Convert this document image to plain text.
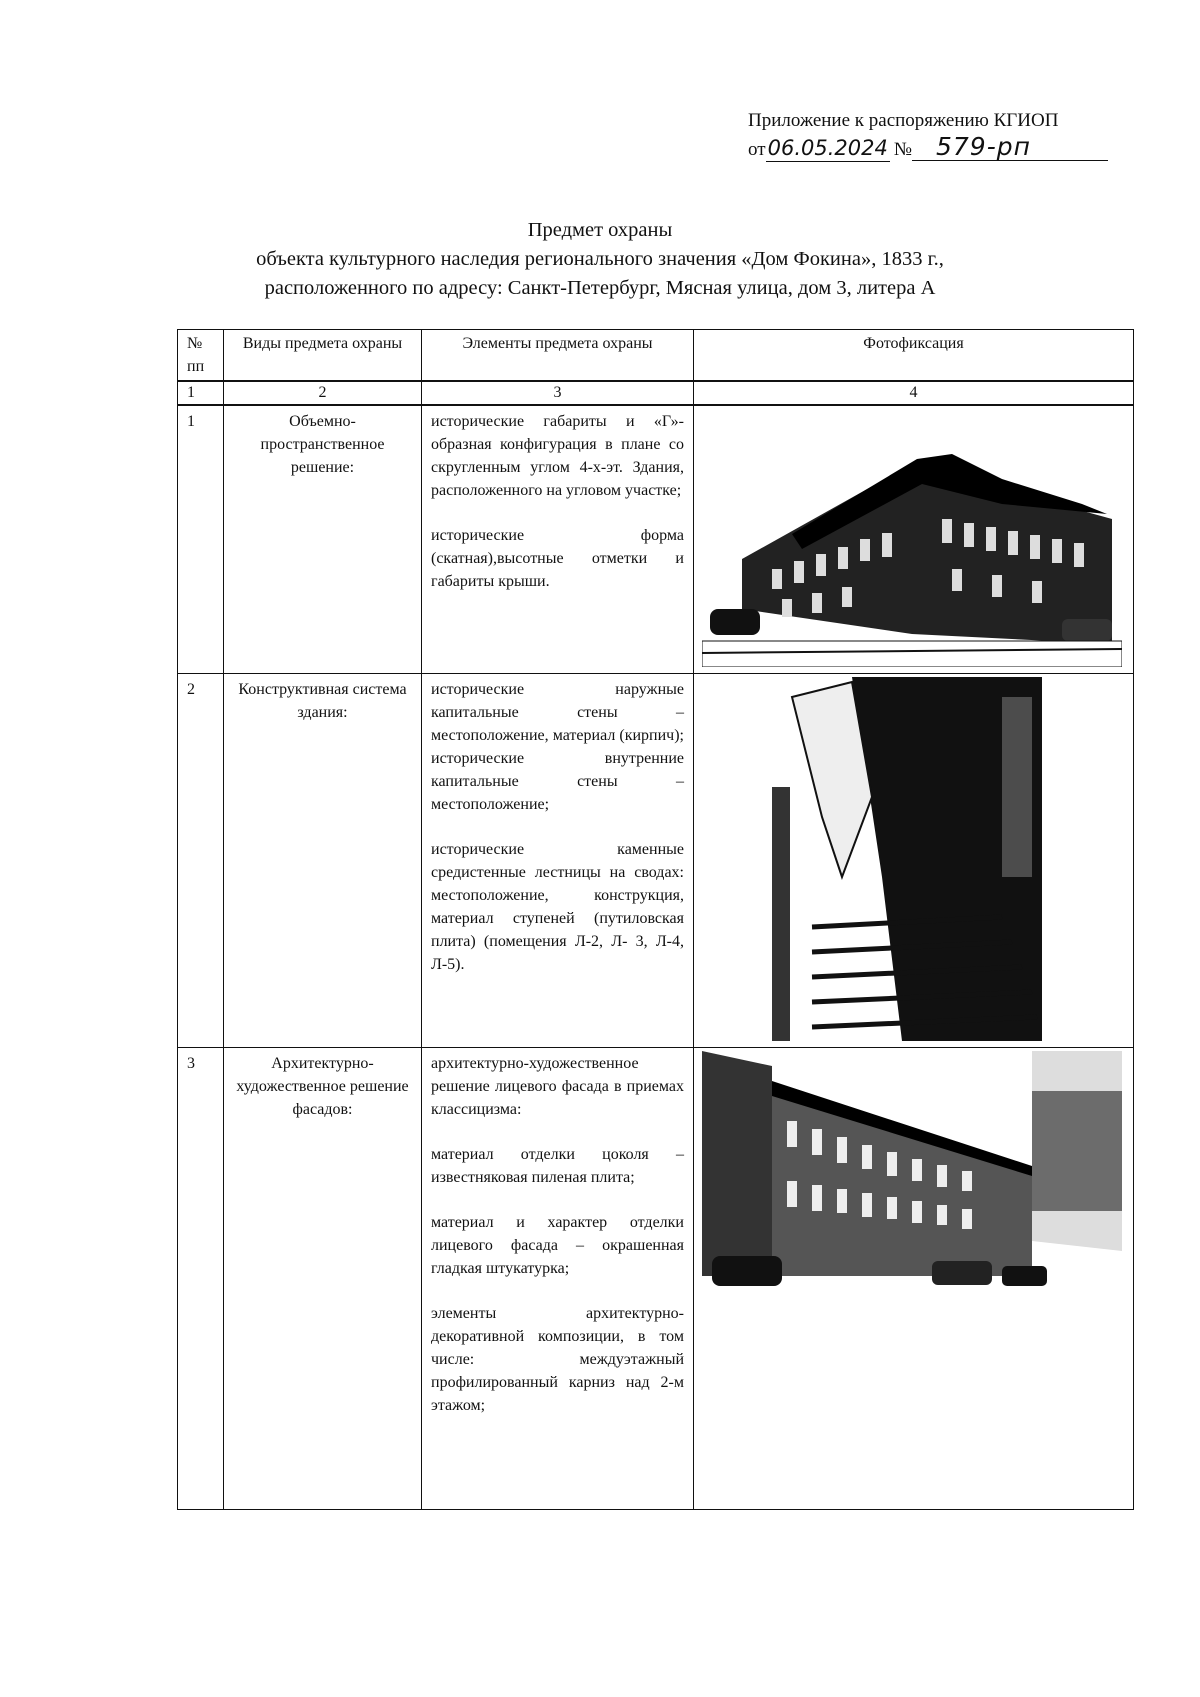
Приложение к распоряжению КГИОП
от 06.05.2024 № 579-рп
Предмет охраны
объекта культурного наследия регионального значения «Дом Фокина», 1833 г.,
расположенного по адресу: Санкт-Петербург, Мясная улица, дом 3, литера А
№ пп	Виды предмета охраны	Элементы предмета охраны	Фотофиксация
1	2	3	4
1	Объемно-пространственное решение:	исторические габариты и «Г»-образная конфигурация в плане со скругленным углом 4-х-эт. Здания, расположенного на угловом участке;

исторические форма (скатная),высотные отметки и габариты крыши.

2	Конструктивная система здания:	исторические наружные капитальные стены – местоположение, материал (кирпич); исторические внутренние капитальные стены – местоположение;

исторические каменные средистенные лестницы на сводах: местоположение, конструкция, материал ступеней (путиловская плита) (помещения Л-2, Л- 3, Л-4, Л-5).

3	Архитектурно-художественное решение фасадов:	архитектурно-художественное решение лицевого фасада в приемах классицизма:

материал отделки цоколя – известняковая пиленая плита;

материал и характер отделки лицевого фасада – окрашенная гладкая штукатурка;

элементы архитектурно-декоративной композиции, в том числе: междуэтажный профилированный карниз над 2-м этажом;
